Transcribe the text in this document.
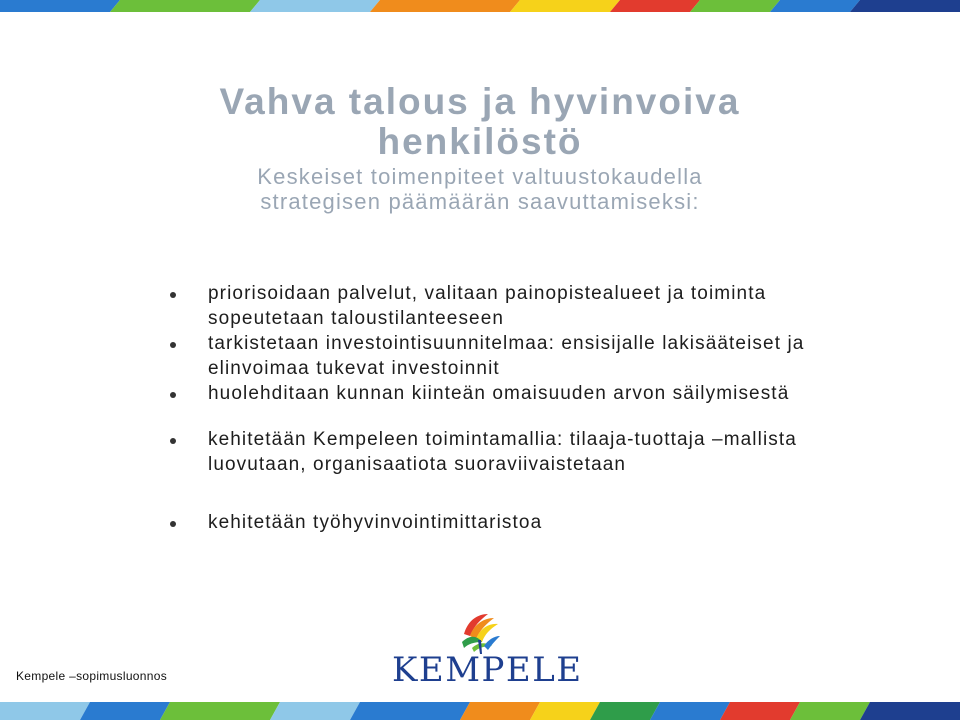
Vahva talous ja hyvinvoiva henkilöstö
Keskeiset toimenpiteet valtuustokaudella
strategisen päämäärän saavuttamiseksi:
priorisoidaan palvelut, valitaan painopistealueet ja toiminta sopeutetaan taloustilanteeseen
tarkistetaan investointisuunnitelmaa: ensisijalle lakisääteiset ja elinvoimaa tukevat investoinnit
huolehditaan kunnan kiinteän omaisuuden arvon säilymisestä
kehitetään Kempeleen toimintamallia: tilaaja-tuottaja –mallista luovutaan, organisaatiota suoraviivaistetaan
kehitetään työhyvinvointimittaristoa
KEMPELE
Kempele –sopimusluonnos
